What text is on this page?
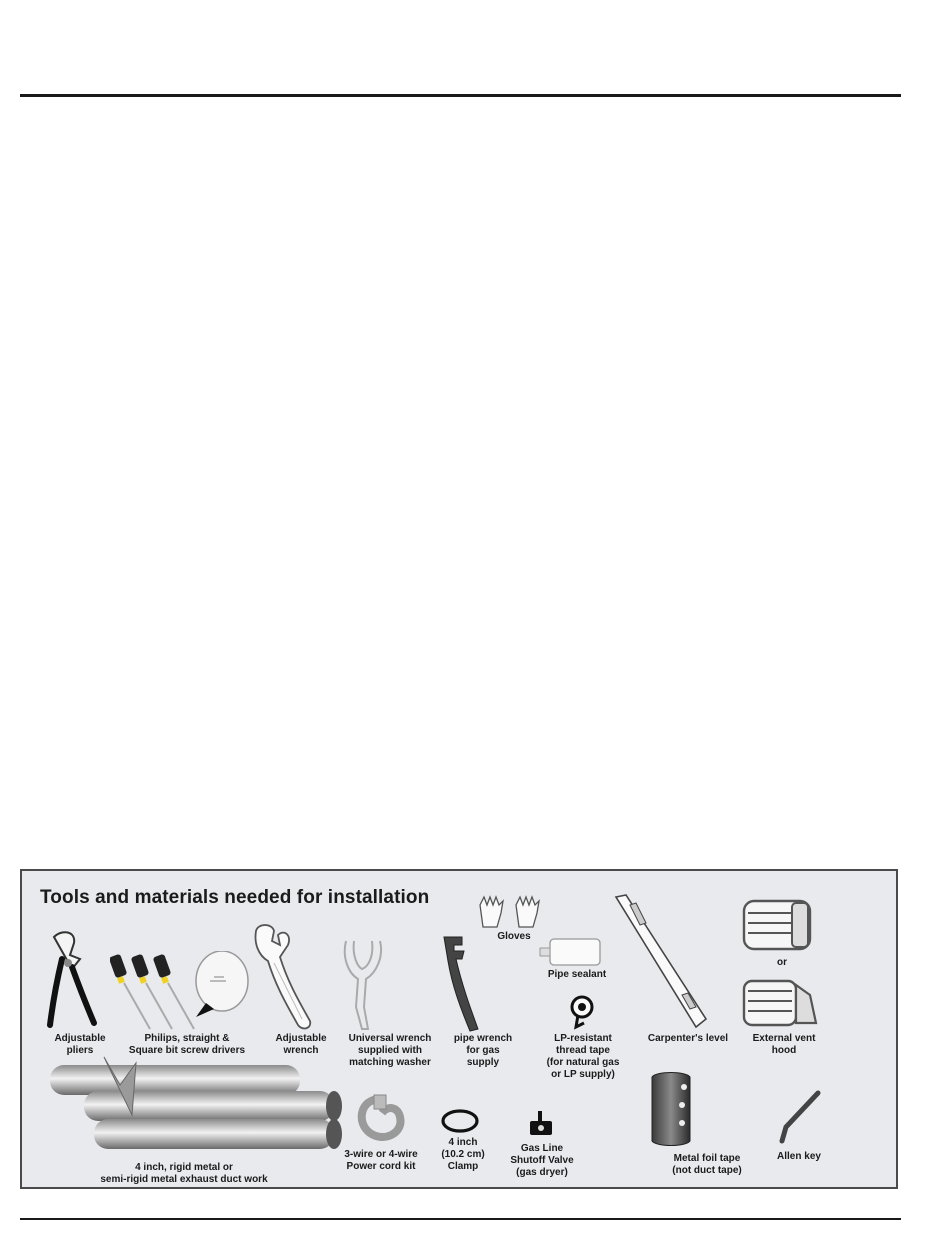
Tools and materials needed for installation
Adjustable
pliers
Philips, straight &
Square bit screw drivers
Adjustable
wrench
Universal wrench
supplied with
matching washer
pipe wrench
for gas
supply
Gloves
Pipe sealant
LP-resistant
thread tape
(for natural gas
or LP supply)
Carpenter's level
or
External vent
hood
4 inch, rigid metal or
semi-rigid metal exhaust duct work
3-wire or 4-wire
Power cord kit
4 inch
(10.2 cm)
Clamp
Gas Line
Shutoff Valve
(gas dryer)
Metal foil tape
(not duct tape)
Allen key
